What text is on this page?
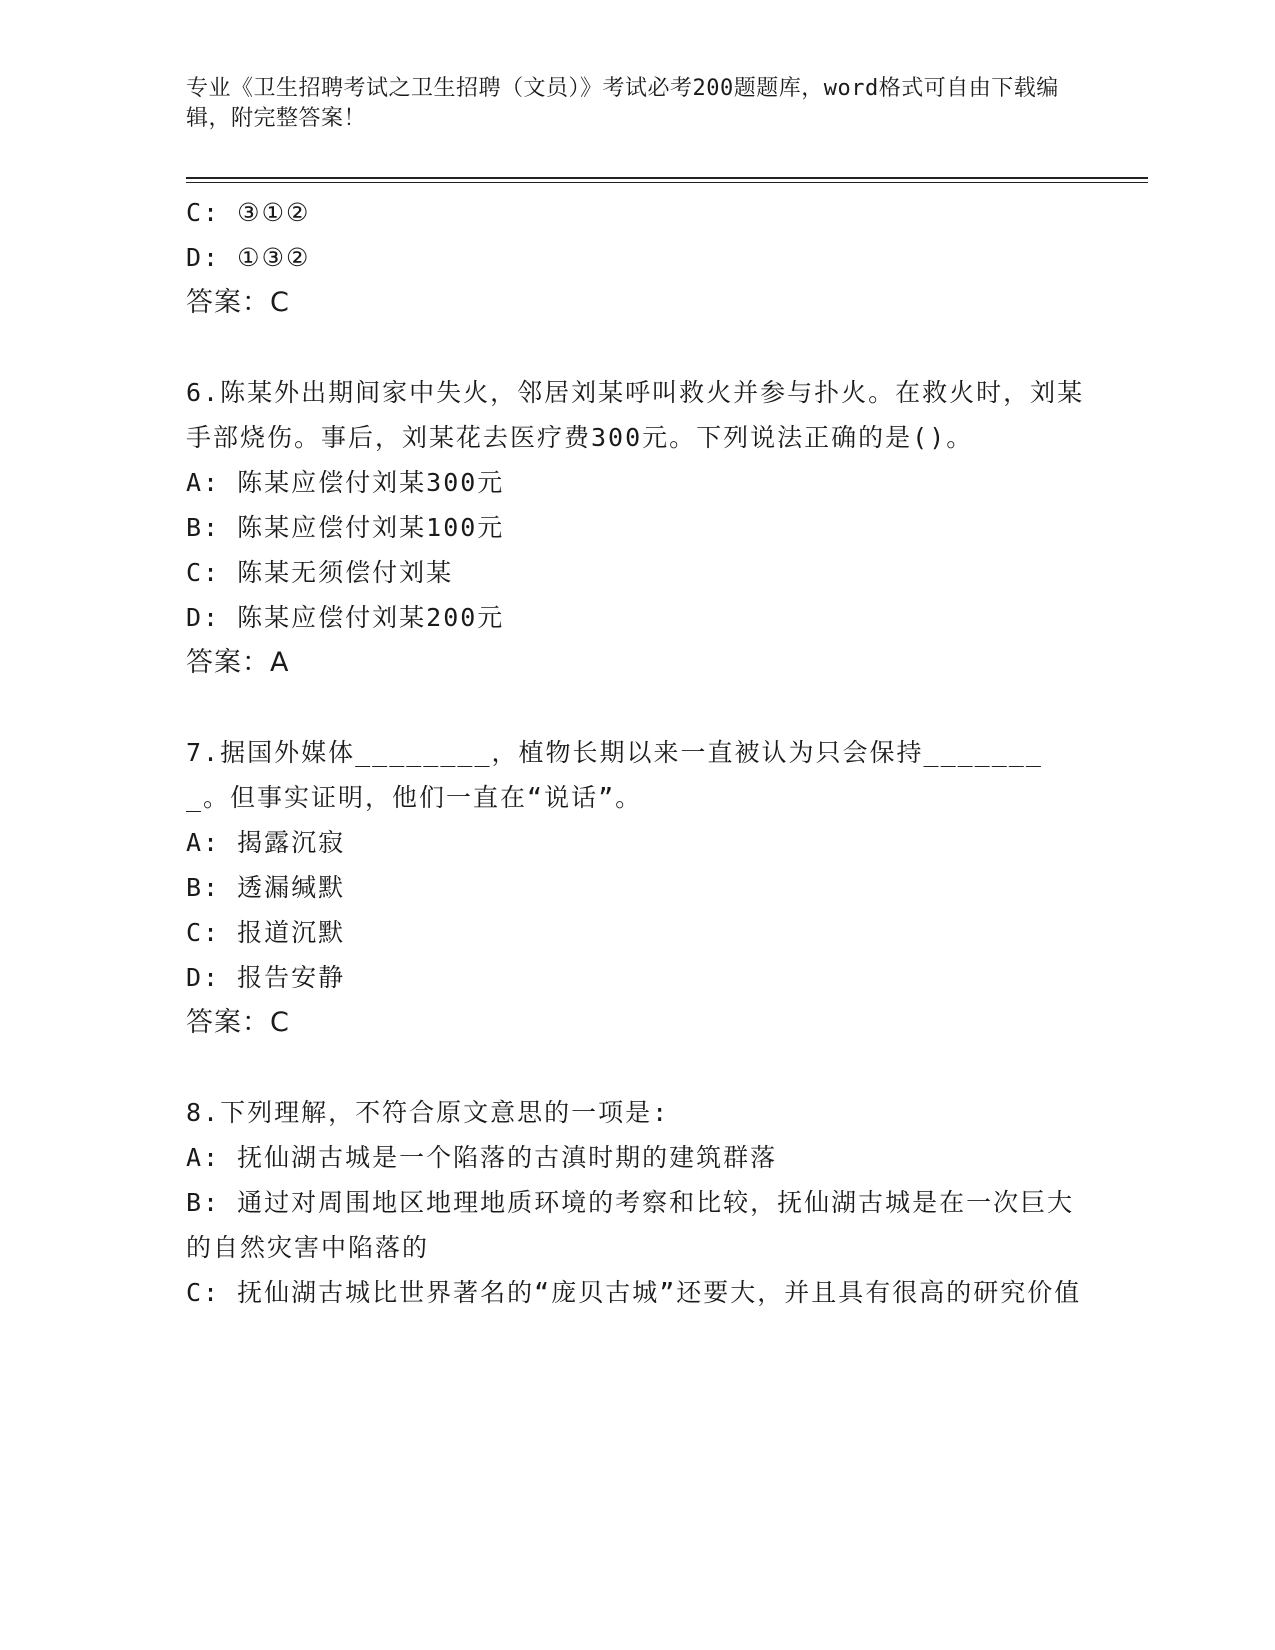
专业《卫生招聘考试之卫生招聘（文员）》考试必考200题题库，word格式可自由下载编辑，附完整答案！
C: ③①②
D: ①③②
答案：C
6.陈某外出期间家中失火，邻居刘某呼叫救火并参与扑火。在救火时，刘某手部烧伤。事后，刘某花去医疗费300元。下列说法正确的是()。
A: 陈某应偿付刘某300元
B: 陈某应偿付刘某100元
C: 陈某无须偿付刘某
D: 陈某应偿付刘某200元
答案：A
7.据国外媒体________，植物长期以来一直被认为只会保持________。但事实证明，他们一直在“说话”。
A: 揭露沉寂
B: 透漏缄默
C: 报道沉默
D: 报告安静
答案：C
8.下列理解，不符合原文意思的一项是:
A: 抚仙湖古城是一个陷落的古滇时期的建筑群落
B: 通过对周围地区地理地质环境的考察和比较，抚仙湖古城是在一次巨大的自然灾害中陷落的
C: 抚仙湖古城比世界著名的“庞贝古城”还要大，并且具有很高的研究价值
